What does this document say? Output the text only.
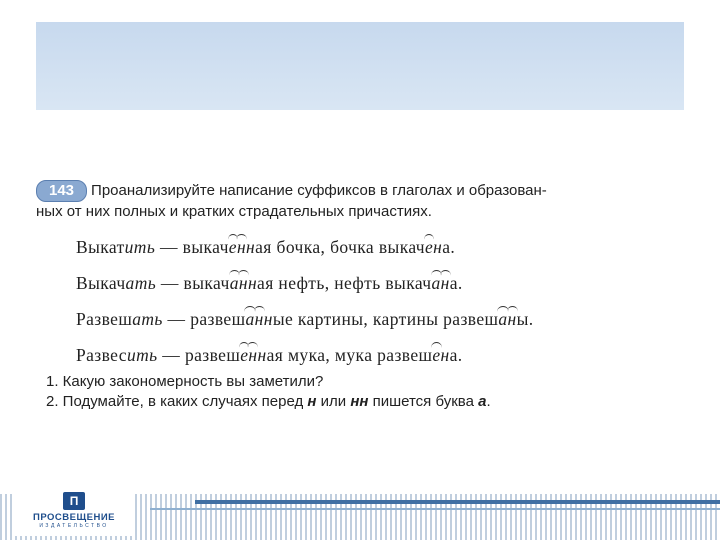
143 Проанализируйте написание суффиксов в глаголах и образован-
ных от них полных и кратких страдательных причастиях.
Выкатить — выкаченная бочка, бочка выкачена.
Выкачать — выкачанная нефть, нефть выкачана.
Развешать — развешанные картины, картины развешаны.
Развесить — развешенная мука, мука развешена.
1. Какую закономерность вы заметили?
2. Подумайте, в каких случаях перед н или нн пишется буква а.
П
ПРОСВЕЩЕНИЕ
ИЗДАТЕЛЬСТВО
